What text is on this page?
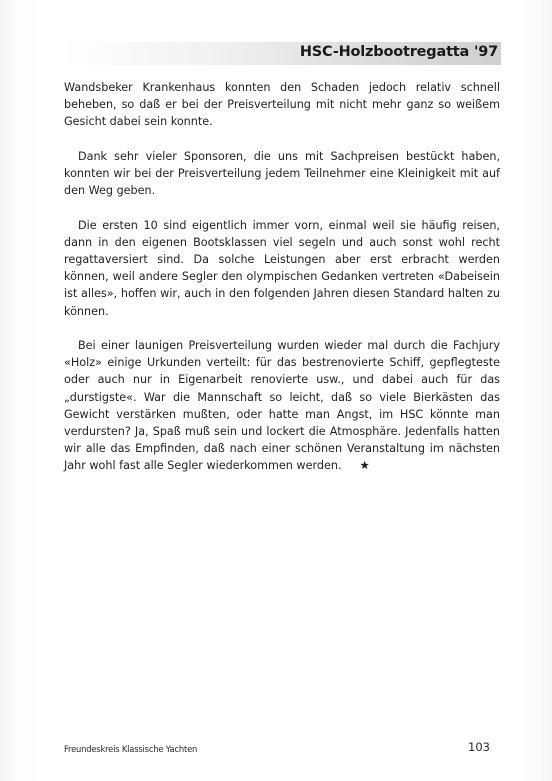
HSC-Holzbootregatta '97

Wandsbeker Krankenhaus konnten den Schaden jedoch relativ schnell beheben, so daß er bei der Preisverteilung mit nicht mehr ganz so weißem Gesicht dabei sein konnte.

Dank sehr vieler Sponsoren, die uns mit Sachpreisen bestückt haben, konnten wir bei der Preisverteilung jedem Teilnehmer eine Kleinigkeit mit auf den Weg geben.

Die ersten 10 sind eigentlich immer vorn, einmal weil sie häufig reisen, dann in den eigenen Bootsklassen viel segeln und auch sonst wohl recht regattaversiert sind. Da solche Leistungen aber erst erbracht werden können, weil andere Segler den olympischen Gedanken vertreten «Dabeisein ist alles», hoffen wir, auch in den folgenden Jahren diesen Standard halten zu können.

Bei einer launigen Preisverteilung wurden wieder mal durch die Fachjury «Holz» einige Urkunden verteilt: für das bestrenovierte Schiff, gepflegteste oder auch nur in Eigenarbeit renovierte usw., und dabei auch für das „durstigste«. War die Mannschaft so leicht, daß so viele Bierkästen das Gewicht verstärken mußten, oder hatte man Angst, im HSC könnte man verdursten? Ja, Spaß muß sein und lockert die Atmosphäre. Jedenfalls hatten wir alle das Empfinden, daß nach einer schönen Veranstaltung im nächsten Jahr wohl fast alle Segler wiederkommen werden. ★

Freundeskreis Klassische Yachten	103
